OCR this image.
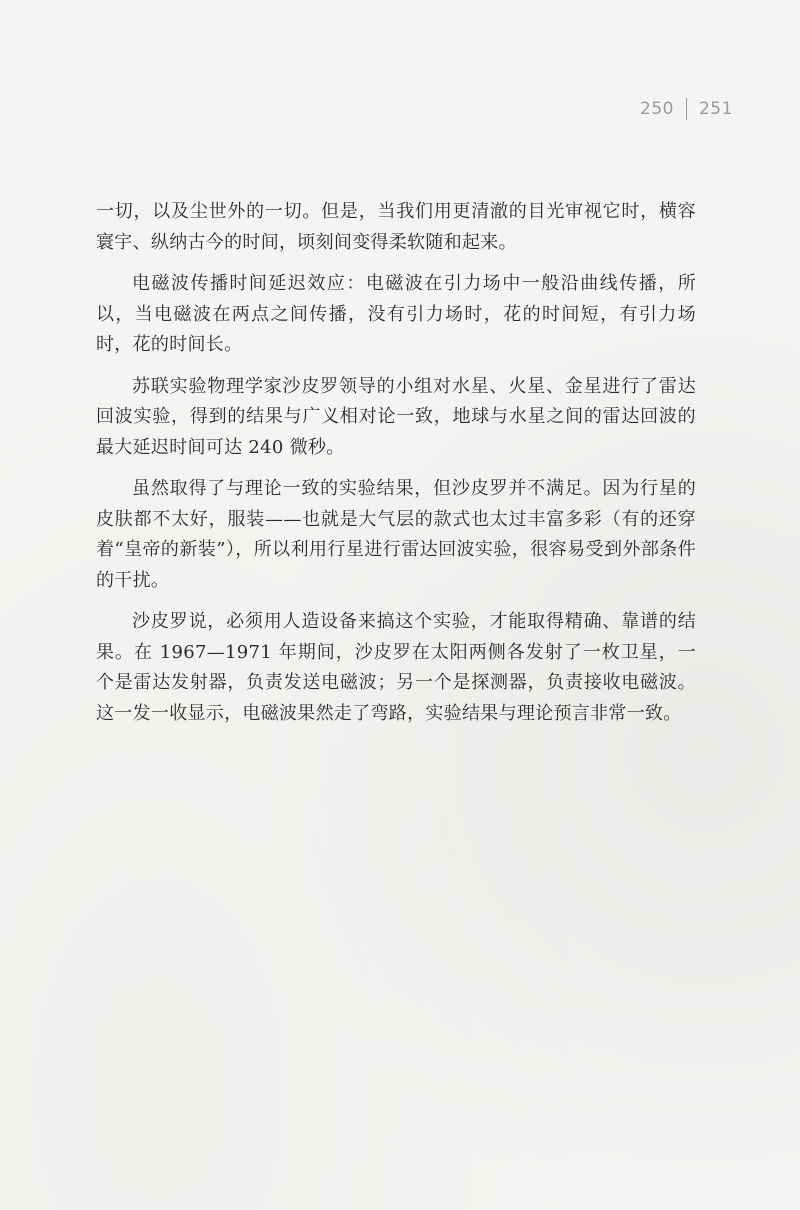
250 251

一切，以及尘世外的一切。但是，当我们用更清澈的目光审视它时，横容寰宇、纵纳古今的时间，顷刻间变得柔软随和起来。

电磁波传播时间延迟效应：电磁波在引力场中一般沿曲线传播，所以，当电磁波在两点之间传播，没有引力场时，花的时间短，有引力场时，花的时间长。

苏联实验物理学家沙皮罗领导的小组对水星、火星、金星进行了雷达回波实验，得到的结果与广义相对论一致，地球与水星之间的雷达回波的最大延迟时间可达 240 微秒。

虽然取得了与理论一致的实验结果，但沙皮罗并不满足。因为行星的皮肤都不太好，服装——也就是大气层的款式也太过丰富多彩（有的还穿着“皇帝的新装”），所以利用行星进行雷达回波实验，很容易受到外部条件的干扰。

沙皮罗说，必须用人造设备来搞这个实验，才能取得精确、靠谱的结果。在 1967—1971 年期间，沙皮罗在太阳两侧各发射了一枚卫星，一个是雷达发射器，负责发送电磁波；另一个是探测器，负责接收电磁波。这一发一收显示，电磁波果然走了弯路，实验结果与理论预言非常一致。
